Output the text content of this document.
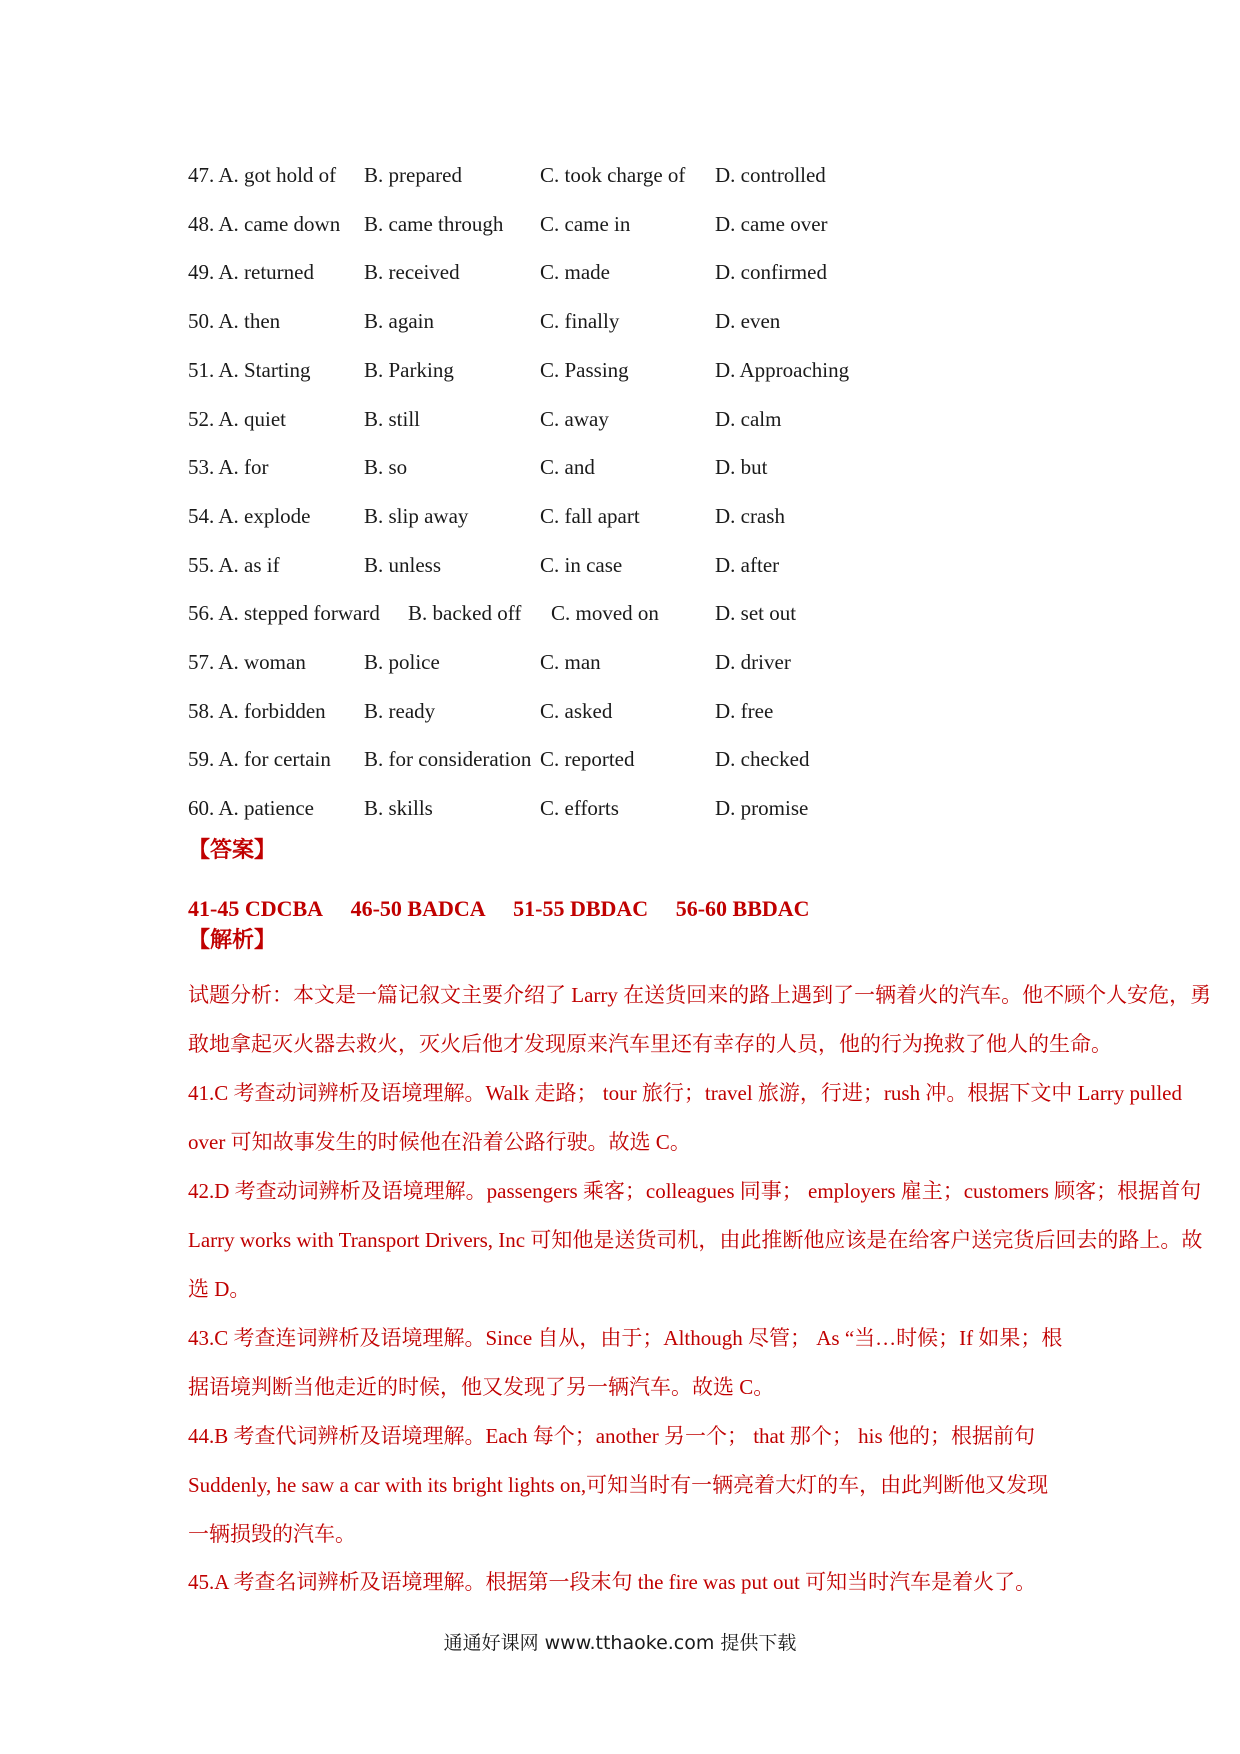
47. A. got hold of B. prepared	C. took charge of D. controlled
48. A. came down B. came through C. came in	D. came over
49. A. returned B. received	C. made	D. confirmed
50. A. then	B. again	C. finally	D. even
51. A. Starting	B. Parking	C. Passing	D. Approaching
52. A. quiet	B. still	C. away	D. calm
53. A. for	B. so	C. and	D. but
54. A. explode	B. slip away	C. fall apart	D. crash
55. A. as if	B. unless	C. in case	D. after
56. A. stepped forward B. backed off C. moved on	D. set out
57. A. woman	B. police	C. man	D. driver
58. A. forbidden B. ready	C. asked	D. free
59. A. for certain B. for consideration C. reported	D. checked
60. A. patience B. skills	C. efforts	D. promise
【答案】
41-45 CDCBA 46-50 BADCA 51-55 DBDAC 56-60 BBDAC
【解析】

试题分析：本文是一篇记叙文主要介绍了 Larry 在送货回来的路上遇到了一辆着火的汽车。他不顾个人安危，勇敢地拿起灭火器去救火，灭火后他才发现原来汽车里还有幸存的人员，他的行为挽救了他人的生命。

41.C 考查动词辨析及语境理解。Walk 走路； tour 旅行；travel 旅游，行进；rush 冲。根据下文中 Larry pulled over 可知故事发生的时候他在沿着公路行驶。故选 C。

42.D 考查动词辨析及语境理解。passengers 乘客；colleagues 同事； employers 雇主；customers 顾客；根据首句 Larry works with Transport Drivers, Inc 可知他是送货司机，由此推断他应该是在给客户送完货后回去的路上。故选 D。

43.C 考查连词辨析及语境理解。Since 自从，由于；Although 尽管； As “当…时候；If 如果；根据语境判断当他走近的时候，他又发现了另一辆汽车。故选 C。

44.B 考查代词辨析及语境理解。Each 每个；another 另一个； that 那个； his 他的；根据前句 Suddenly, he saw a car with its bright lights on,可知当时有一辆亮着大灯的车，由此判断他又发现一辆损毁的汽车。

45.A 考查名词辨析及语境理解。根据第一段末句 the fire was put out 可知当时汽车是着火了。

通通好课网 www.tthaoke.com 提供下载
